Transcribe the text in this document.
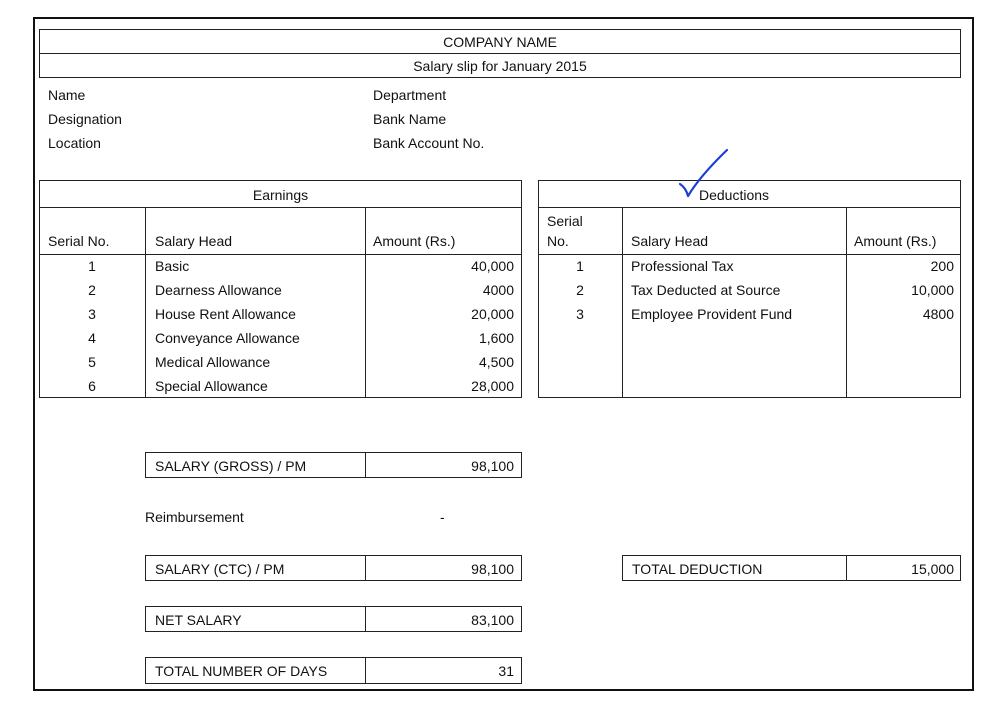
COMPANY NAME
Salary slip for January 2015
Name
Designation
Location
Department
Bank Name
Bank Account No.
Earnings
Serial No.	Salary Head	Amount (Rs.)
1	Basic	40,000
2	Dearness Allowance	4000
3	House Rent Allowance	20,000
4	Conveyance Allowance	1,600
5	Medical Allowance	4,500
6	Special Allowance	28,000
Deductions
Serial
No.	Salary Head	Amount (Rs.)
1	Professional Tax	200
2	Tax Deducted at Source	10,000
3	Employee Provident Fund	4800
SALARY (GROSS) / PM	98,100
Reimbursement	-
SALARY (CTC) / PM	98,100
NET SALARY	83,100
TOTAL NUMBER OF DAYS	31
TOTAL DEDUCTION	15,000
